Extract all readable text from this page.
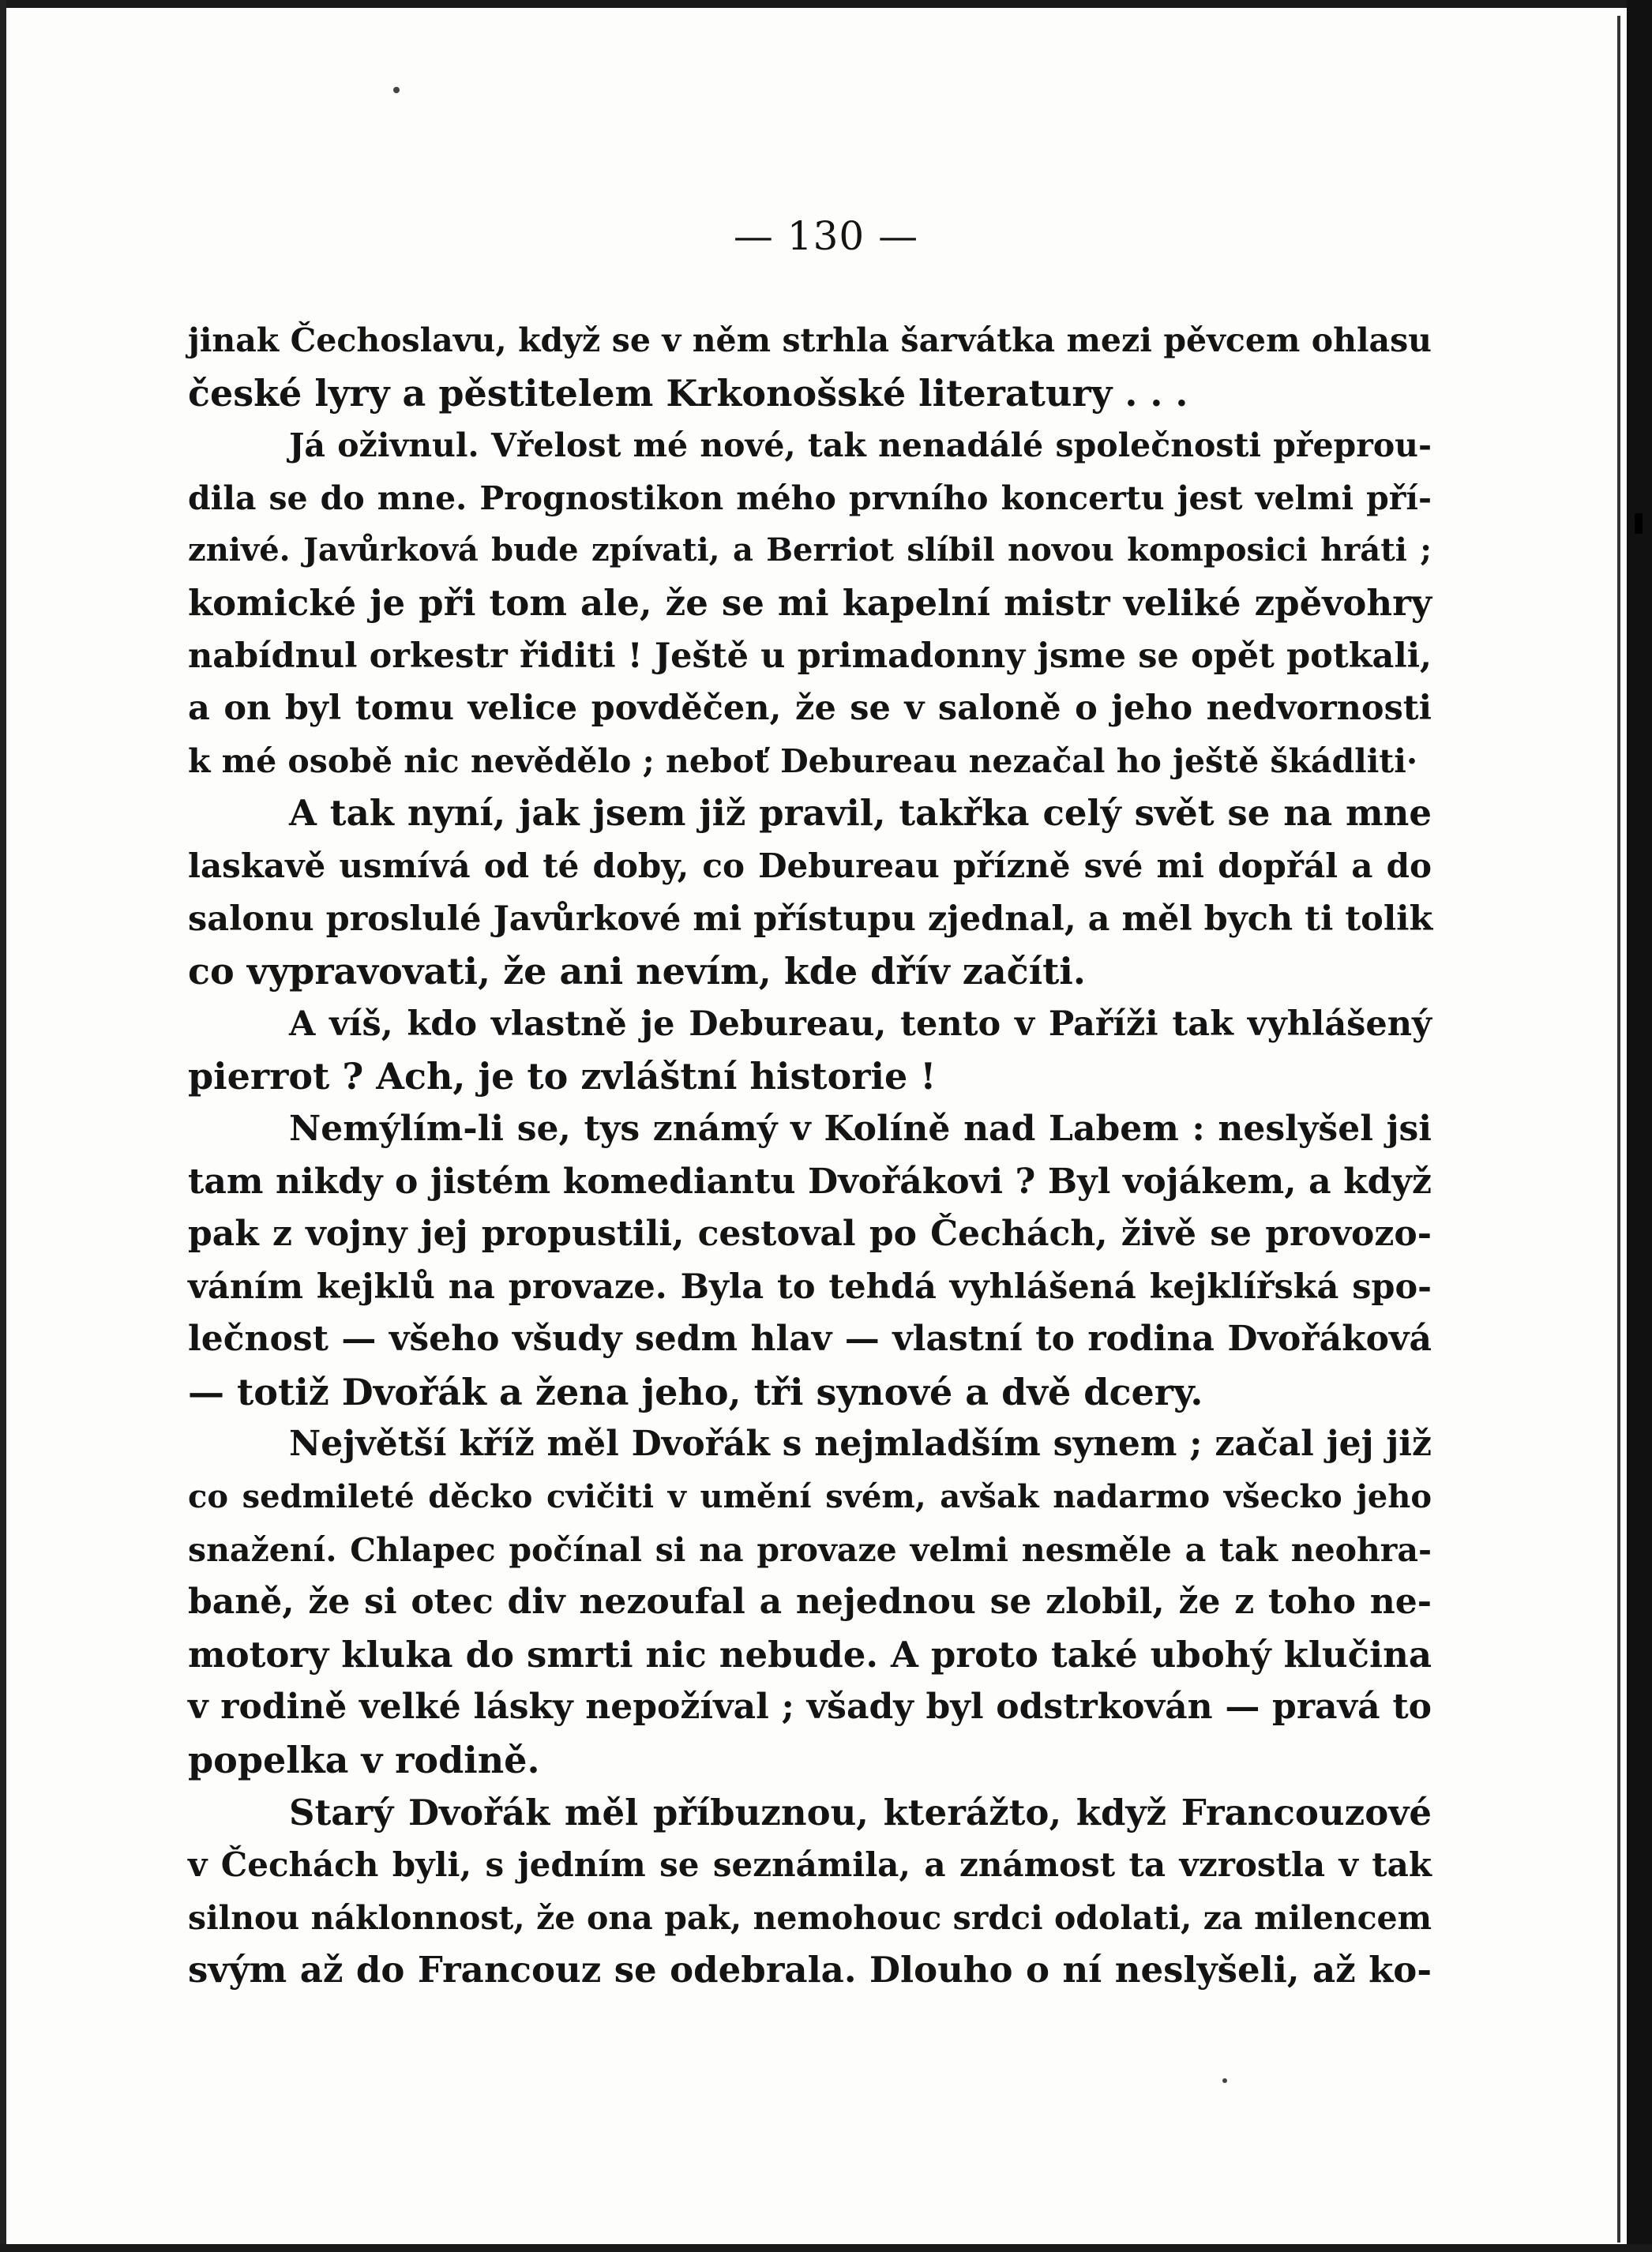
— 130 —
jinak Čechoslavu, když se v něm strhla šarvátka mezi pěvcem ohlasu
české lyry a pěstitelem Krkonošské literatury . . .
Já oživnul. Vřelost mé nové, tak nenadálé společnosti přeprou-
dila se do mne. Prognostikon mého prvního koncertu jest velmi pří-
znivé. Javůrková bude zpívati, a Berriot slíbil novou komposici hráti ;
komické je při tom ale, že se mi kapelní mistr veliké zpěvohry
nabídnul orkestr řiditi ! Ještě u primadonny jsme se opět potkali,
a on byl tomu velice povděčen, že se v saloně o jeho nedvornosti
k mé osobě nic nevědělo ; neboť Debureau nezačal ho ještě škádliti·
A tak nyní, jak jsem již pravil, takřka celý svět se na mne
laskavě usmívá od té doby, co Debureau přízně své mi dopřál a do
salonu proslulé Javůrkové mi přístupu zjednal, a měl bych ti tolik
co vypravovati, že ani nevím, kde dřív začíti.
A víš, kdo vlastně je Debureau, tento v Paříži tak vyhlášený
pierrot ? Ach, je to zvláštní historie !
Nemýlím-li se, tys známý v Kolíně nad Labem : neslyšel jsi
tam nikdy o jistém komediantu Dvořákovi ? Byl vojákem, a když
pak z vojny jej propustili, cestoval po Čechách, živě se provozo-
váním kejklů na provaze. Byla to tehdá vyhlášená kejklířská spo-
lečnost — všeho všudy sedm hlav — vlastní to rodina Dvořáková
— totiž Dvořák a žena jeho, tři synové a dvě dcery.
Největší kříž měl Dvořák s nejmladším synem ; začal jej již
co sedmileté děcko cvičiti v umění svém, avšak nadarmo všecko jeho
snažení. Chlapec počínal si na provaze velmi nesměle a tak neohra-
baně, že si otec div nezoufal a nejednou se zlobil, že z toho ne-
motory kluka do smrti nic nebude. A proto také ubohý klučina
v rodině velké lásky nepožíval ; všady byl odstrkován — pravá to
popelka v rodině.
Starý Dvořák měl příbuznou, kterážto, když Francouzové
v Čechách byli, s jedním se seznámila, a známost ta vzrostla v tak
silnou náklonnost, že ona pak, nemohouc srdci odolati, za milencem
svým až do Francouz se odebrala. Dlouho o ní neslyšeli, až ko-
